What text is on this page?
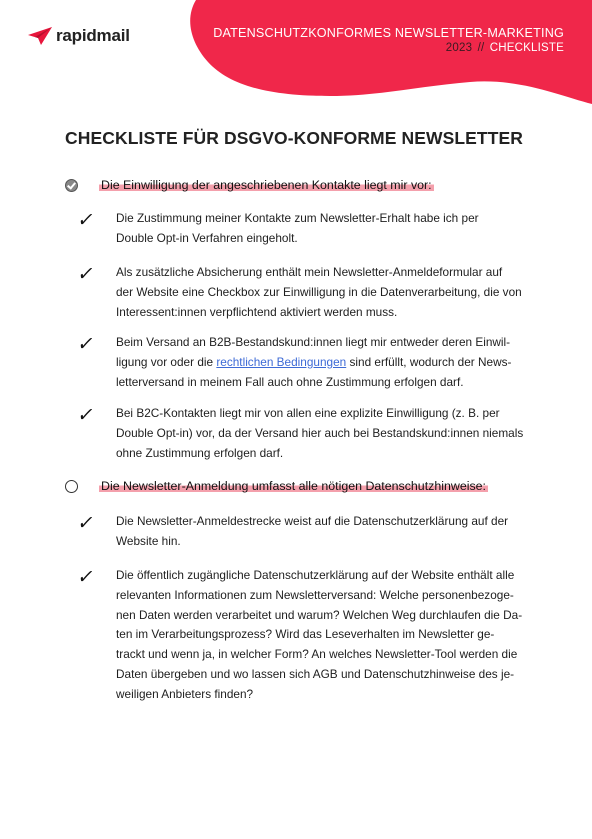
rapidmail	DATENSCHUTZKONFORMES NEWSLETTER-MARKETING
2023 // CHECKLISTE
CHECKLISTE FÜR DSGVO-KONFORME NEWSLETTER
Die Einwilligung der angeschriebenen Kontakte liegt mir vor:
✓ Die Zustimmung meiner Kontakte zum Newsletter-Erhalt habe ich per
Double Opt-in Verfahren eingeholt.
✓ Als zusätzliche Absicherung enthält mein Newsletter-Anmeldeformular auf
der Website eine Checkbox zur Einwilligung in die Datenverarbeitung, die von
Interessent:innen verpflichtend aktiviert werden muss.
✓ Beim Versand an B2B-Bestandskund:innen liegt mir entweder deren Einwil-
ligung vor oder die rechtlichen Bedingungen sind erfüllt, wodurch der News-
letterversand in meinem Fall auch ohne Zustimmung erfolgen darf.
✓ Bei B2C-Kontakten liegt mir von allen eine explizite Einwilligung (z. B. per
Double Opt-in) vor, da der Versand hier auch bei Bestandskund:innen niemals
ohne Zustimmung erfolgen darf.
Die Newsletter-Anmeldung umfasst alle nötigen Datenschutzhinweise:
✓ Die Newsletter-Anmeldestrecke weist auf die Datenschutzerklärung auf der
Website hin.
✓ Die öffentlich zugängliche Datenschutzerklärung auf der Website enthält alle
relevanten Informationen zum Newsletterversand: Welche personenbezoge-
nen Daten werden verarbeitet und warum? Welchen Weg durchlaufen die Da-
ten im Verarbeitungsprozess? Wird das Leseverhalten im Newsletter ge-
trackt und wenn ja, in welcher Form? An welches Newsletter-Tool werden die
Daten übergeben und wo lassen sich AGB und Datenschutzhinweise des je-
weiligen Anbieters finden?
